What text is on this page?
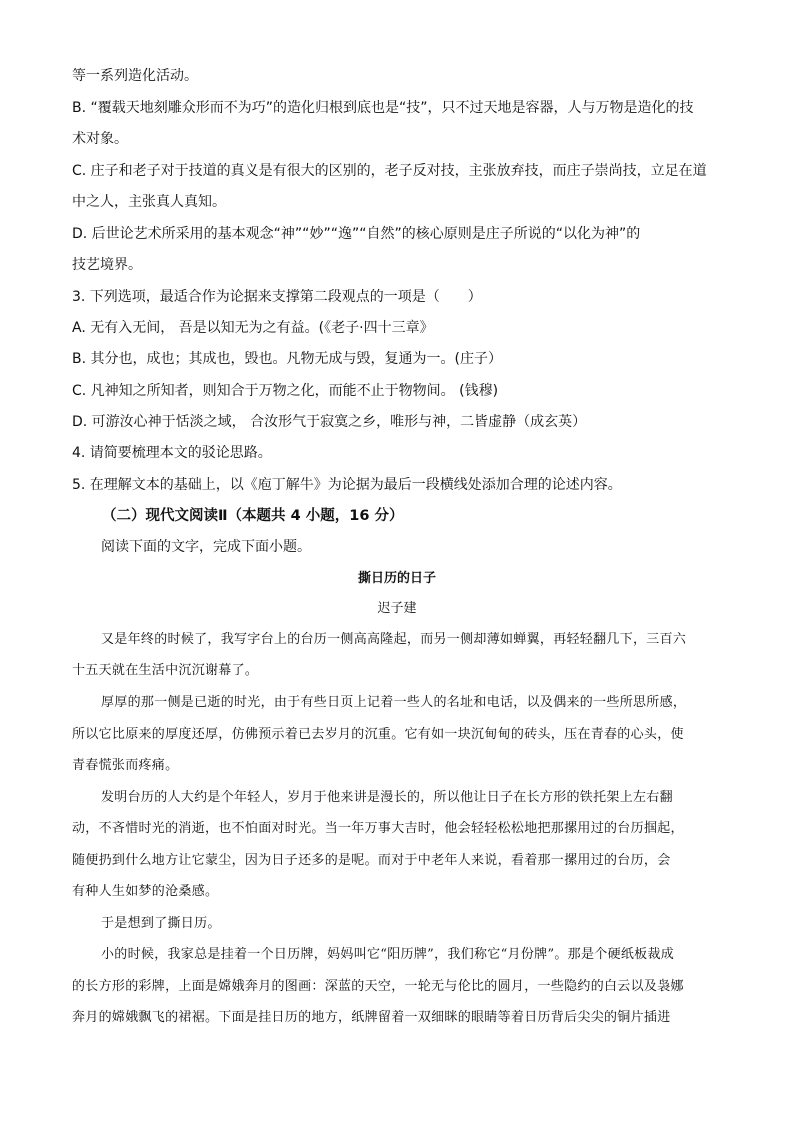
等一系列造化活动。
B. “覆载天地刻雕众形而不为巧”的造化归根到底也是“技”，只不过天地是容器，人与万物是造化的技
术对象。
C. 庄子和老子对于技道的真义是有很大的区别的，老子反对技，主张放弃技，而庄子崇尚技，立足在道
中之人，主张真人真知。
D. 后世论艺术所采用的基本观念“神”“妙”“逸”“自然”的核心原则是庄子所说的“以化为神”的
技艺境界。
3. 下列选项，最适合作为论据来支撑第二段观点的一项是（　　）
A. 无有入无间， 吾是以知无为之有益。(《老子·四十三章》
B. 其分也，成也；其成也，毁也。凡物无成与毁，复通为一。(庄子）
C. 凡神知之所知者，则知合于万物之化，而能不止于物物间。 (钱穆)
D. 可游汝心神于恬淡之域， 合汝形气于寂寞之乡，唯形与神，二皆虚静（成玄英）
4. 请简要梳理本文的驳论思路。
5. 在理解文本的基础上，以《庖丁解牛》为论据为最后一段横线处添加合理的论述内容。
（二）现代文阅读Ⅱ（本题共 4 小题，16 分）
阅读下面的文字，完成下面小题。
撕日历的日子
迟子建
又是年终的时候了，我写字台上的台历一侧高高隆起，而另一侧却薄如蝉翼，再轻轻翻几下，三百六
十五天就在生活中沉沉谢幕了。
厚厚的那一侧是已逝的时光，由于有些日页上记着一些人的名址和电话，以及偶来的一些所思所感，
所以它比原来的厚度还厚，仿佛预示着已去岁月的沉重。它有如一块沉甸甸的砖头，压在青春的心头，使
青春慌张而疼痛。
发明台历的人大约是个年轻人，岁月于他来讲是漫长的，所以他让日子在长方形的铁托架上左右翻
动，不吝惜时光的消逝，也不怕面对时光。当一年万事大吉时，他会轻轻松松地把那摞用过的台历掴起，
随便扔到什么地方让它蒙尘，因为日子还多的是呢。而对于中老年人来说，看着那一摞用过的台历，会
有种人生如梦的沧桑感。
于是想到了撕日历。
小的时候，我家总是挂着一个日历牌，妈妈叫它“阳历牌”，我们称它“月份牌”。那是个硬纸板裁成
的长方形的彩牌，上面是嫦娥奔月的图画：深蓝的天空，一轮无与伦比的圆月，一些隐约的白云以及袅娜
奔月的嫦娥飘飞的裙裾。下面是挂日历的地方，纸牌留着一双细眯的眼睛等着日历背后尖尖的铜片插进
